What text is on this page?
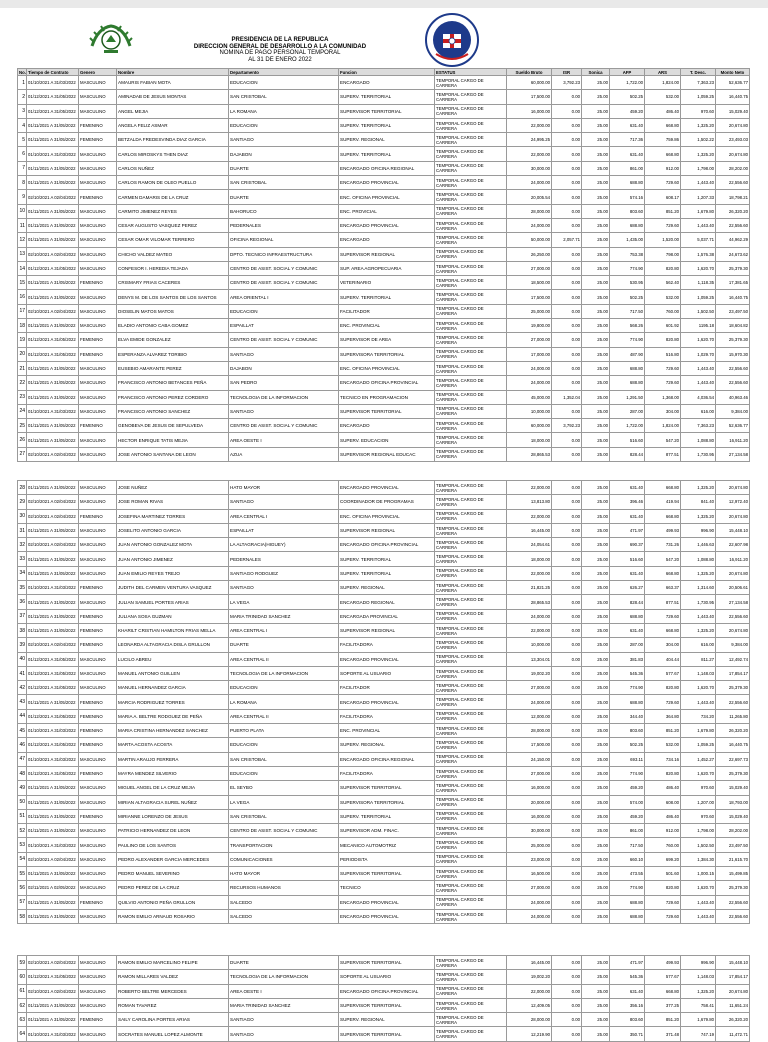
PRESIDENCIA DE LA REPUBLICA
DIRECCION GENERAL DE DESARROLLO A LA COMUNIDAD
NOMINA DE PAGO PERSONAL TEMPORAL
AL 31 DE ENERO 2022
No.	Tiempo de Contrato	Genero	Nombre	Departamento	Funcion	ESTATUS	Sueldo Bruto	ISR	Sonica	AFP	ARS	T. Desc.	Monto Neto
1	01/10/2021 A 31/03/2022	MASCULINO	AMAURIS FABIAN MOTA	EDUCACION	ENCARGADO	TEMPORAL CARGO DE CARRERA	60,000.00	3,792.23	25.00	1,722.00	1,824.00	7,363.23	52,636.77
2	01/12/2021 A 31/05/2022	MASCULINO	AMINADAB DE JESUS MONTAS	SAN CRISTOBAL	SUPERV. TERRITORIAL	TEMPORAL CARGO DE CARRERA	17,500.00	0.00	25.00	502.25	532.00	1,059.25	16,440.75
3	01/12/2021 A 31/05/2022	MASCULINO	ANGEL MEJIA	LA ROMANA	SUPERVISOR TERRITORIAL	TEMPORAL CARGO DE CARRERA	16,000.00	0.00	25.00	459.20	486.40	970.60	15,029.40
4	01/11/2021 A 31/05/2022	FEMENINO	ANGELA FELIZ ASMAR	EDUCACION	SUPERV. TERRITORIAL	TEMPORAL CARGO DE CARRERA	22,000.00	0.00	25.00	631.40	668.80	1,325.20	20,674.80
5	01/11/2021 A 31/05/2022	FEMENINO	BETZALDA FREDESVINDA DIAZ GARCIA	SANTIAGO	SUPERV. REGIONAL	TEMPORAL CARGO DE CARRERA	24,995.25	0.00	25.00	717.36	759.86	1,502.22	23,493.03
6	01/10/2021 A 31/03/2022	MASCULINO	CARLOS MIROSKYS THEN DIAZ	DAJABON	SUPERV. TERRITORIAL	TEMPORAL CARGO DE CARRERA	22,000.00	0.00	25.00	631.40	668.80	1,325.20	20,674.80
7	01/11/2021 A 31/05/2022	MASCULINO	CARLOS NUÑEZ	DUARTE	ENCARGADO OFICINA REGIONAL	TEMPORAL CARGO DE CARRERA	30,000.00	0.00	25.00	861.00	912.00	1,798.00	28,202.00
8	01/11/2021 A 31/05/2022	MASCULINO	CARLOS RAMON DE OLEO PUELLO	SAN CRISTOBAL	ENCARGADO PROVINCIAL	TEMPORAL CARGO DE CARRERA	24,000.00	0.00	25.00	688.80	729.60	1,443.40	22,556.60
9	02/10/2021 A 02/04/2022	FEMENINO	CARMEN DAMARIS DE LA CRUZ	DUARTE	ENC. OFICINA PROVINCIAL	TEMPORAL CARGO DE CARRERA	20,005.54	0.00	25.00	574.16	608.17	1,207.33	18,798.21
10	01/11/2021 A 31/05/2022	MASCULINO	CARMITO JIMENEZ REYES	BAHORUCO	ENC. PROVICIAL	TEMPORAL CARGO DE CARRERA	28,000.00	0.00	25.00	803.60	851.20	1,679.80	26,320.20
11	01/11/2021 A 31/05/2022	MASCULINO	CESAR AUGUSTO VASQUEZ PEREZ	PEDERNALES	ENCARGADO PROVINCIAL	TEMPORAL CARGO DE CARRERA	24,000.00	0.00	25.00	688.80	729.60	1,443.40	22,556.60
12	01/11/2021 A 31/05/2022	MASCULINO	CESAR OMAR VILOMAR TERRERO	OFICINA REGIONAL	ENCARGADO	TEMPORAL CARGO DE CARRERA	50,000.00	2,057.71	25.00	1,435.00	1,520.00	5,037.71	44,962.29
13	02/10/2021 A 02/04/2022	MASCULINO	CHICHO VALDEZ MATEO	DPTO. TECNICO INFRAESTRUCTURA	SUPERVISOR REGIONAL	TEMPORAL CARGO DE CARRERA	26,250.00	0.00	25.00	753.38	798.00	1,576.38	24,673.62
14	01/12/2021 A 31/05/2022	MASCULINO	CONFESOR I. HEREDIA TEJADA	CENTRO DE ASIST. SOCIAL Y COMUNIC	SUP. AREA AGROPECUARIA	TEMPORAL CARGO DE CARRERA	27,000.00	0.00	25.00	774.90	820.80	1,620.70	25,379.30
15	01/11/2021 A 31/05/2022	FEMENINO	CRISMARY FRIAS CACERES	CENTRO DE ASIST. SOCIAL Y COMUNIC	VETERINARIO	TEMPORAL CARGO DE CARRERA	18,500.00	0.00	25.00	530.95	562.40	1,118.35	17,381.65
16	01/11/2021 A 31/05/2022	MASCULINO	DENYS M. DE LOS SANTOS DE LOS SANTOS	AREA ORIENTAL I	SUPERV. TERRITORIAL	TEMPORAL CARGO DE CARRERA	17,500.00	0.00	25.00	502.25	532.00	1,059.25	16,440.75
17	02/10/2021 A 02/04/2022	MASCULINO	DIOSELIN MATOS MATOS	EDUCACION	FACILITADOR	TEMPORAL CARGO DE CARRERA	25,000.00	0.00	25.00	717.50	760.00	1,502.50	23,497.50
18	01/11/2021 A 31/05/2022	MASCULINO	ELADIO ANTONIO CABA GOMEZ	ESPAILLAT	ENC. PROVINCIAL	TEMPORAL CARGO DE CARRERA	19,800.00	0.00	25.00	568.26	601.92	1195.18	18,604.82
19	01/12/2021 A 31/05/2022	FEMENINO	ELVA EMIDE GONZALEZ	CENTRO DE ASIST. SOCIAL Y COMUNIC	SUPERVISOR DE AREA	TEMPORAL CARGO DE CARRERA	27,000.00	0.00	25.00	774.90	820.80	1,620.70	25,379.30
20	01/12/2021 A 31/05/2022	FEMENINO	ESPERANZA ALVAREZ TORIBIO	SANTIAGO	SUPERVISORA TERRITORIAL	TEMPORAL CARGO DE CARRERA	17,000.00	0.00	25.00	487.90	516.80	1,029.70	15,970.30
21	01/11/2021 A 31/05/2022	MASCULINO	EUSEBIO AMARANTE PEREZ	DAJABON	ENC. OFICINA PROVINCIAL	TEMPORAL CARGO DE CARRERA	24,000.00	0.00	25.00	688.80	729.60	1,443.40	22,556.60
22	01/11/2021 A 31/05/2022	MASCULINO	FRANCISCO ANTONIO BETANCES PEÑA	SAN PEDRO	ENCARGADO OFICINA PROVINCIAL	TEMPORAL CARGO DE CARRERA	24,000.00	0.00	25.00	688.80	729.60	1,443.40	22,556.60
23	01/11/2021 A 31/05/2022	MASCULINO	FRANCISCO ANTONIO PEREZ CORDERO	TECNOLOGIA DE LA INFORMACION	TECNICO EN PROGRAMACION	TEMPORAL CARGO DE CARRERA	45,000.00	1,352.04	25.00	1,291.50	1,368.00	4,036.54	40,963.46
24	01/10/2021 A 31/03/2022	MASCULINO	FRANCISCO ANTONIO SANCHEZ	SANTIAGO	SUPERVISOR TERRITORIAL	TEMPORAL CARGO DE CARRERA	10,000.00	0.00	25.00	287.00	304.00	616.00	9,384.00
25	01/11/2021 A 31/05/2022	FEMENINO	GENOBEVA DE JESUS DE SEPULVEDA	CENTRO DE ASIST. SOCIAL Y COMUNIC	ENCARGADO	TEMPORAL CARGO DE CARRERA	60,000.00	3,792.23	25.00	1,722.00	1,824.00	7,363.23	52,636.77
26	01/11/2021 A 31/05/2022	MASCULINO	HECTOR ENRIQUE TATIS MEJIA	AREA OESTE I	SUPERV. EDUCACION	TEMPORAL CARGO DE CARRERA	18,000.00	0.00	25.00	516.60	547.20	1,088.80	16,911.20
27	02/10/2021 A 02/04/2022	MASCULINO	JOSE ANTONIO SANTANA DE LEON	AZUA	SUPERVISOR REGIONAL EDUCAC	TEMPORAL CARGO DE CARRERA	28,865.53	0.00	25.00	828.44	877.51	1,730.95	27,134.58
28	01/11/2021 A 31/05/2022	MASCULINO	JOSE NUÑEZ	HATO MAYOR	ENCARGADO PROVINCIAL	TEMPORAL CARGO DE CARRERA	22,000.00	0.00	25.00	631.40	668.80	1,325.20	20,674.80
29	02/10/2021 A 02/04/2022	MASCULINO	JOSE ROMAN RIVAS	SANTIAGO	COORDINADOR DE PROGRAMAS	TEMPORAL CARGO DE CARRERA	13,813.80	0.00	25.00	396.46	419.94	841.40	12,972.40
30	02/10/2021 A 02/04/2022	FEMENINO	JOSEFINA MARTINEZ TORRES	AREA CENTRAL I	ENC. OFICINA PROVINCIAL	TEMPORAL CARGO DE CARRERA	22,000.00	0.00	25.00	631.40	668.80	1,325.20	20,674.80
31	01/11/2021 A 31/05/2022	MASCULINO	JOSELITO ANTONIO GARCIA	ESPAILLAT	SUPERVISOR REGIONAL	TEMPORAL CARGO DE CARRERA	16,445.00	0.00	25.00	471.97	499.93	996.90	15,448.10
32	02/10/2021 A 02/04/2022	MASCULINO	JUAN ANTONIO GONZALEZ MOTA	LA ALTAGRACIA(HIGUEY)	ENCARGADO OFICINA PROVINCIAL	TEMPORAL CARGO DE CARRERA	24,054.61	0.00	25.00	690.37	731.26	1,446.63	22,607.98
33	01/11/2021 A 31/05/2022	MASCULINO	JUAN ANTONIO JIMENEZ	PEDERNALES	SUPERV. TERRITORIAL	TEMPORAL CARGO DE CARRERA	18,000.00	0.00	25.00	516.60	547.20	1,088.80	16,911.20
34	01/11/2021 A 31/05/2022	MASCULINO	JUAN EMILIO REYES TREJO	SANTIAGO RODGUEZ	SUPERV. TERRITORIAL	TEMPORAL CARGO DE CARRERA	22,000.00	0.00	25.00	631.40	668.80	1,325.20	20,674.80
35	01/10/2021 A 31/03/2022	FEMENINO	JUDITH DEL CARMEN VENTURA VASQUEZ	SANTIAGO	SUPERV. REGIONAL	TEMPORAL CARGO DE CARRERA	21,821.25	0.00	25.00	626.27	663.37	1,314.60	20,506.61
36	01/11/2021 A 31/05/2022	MASCULINO	JULIAN SAMUEL PORTES ARIAS	LA VEGA	ENCARGADO REGIONAL	TEMPORAL CARGO DE CARRERA	28,865.53	0.00	25.00	828.44	877.51	1,730.95	27,134.58
37	01/11/2021 A 31/05/2022	FEMENINO	JULIANA SOSA GUZMAN	MARIA TRINIDAD SANCHEZ	ENCARGADA PROVINCIAL	TEMPORAL CARGO DE CARRERA	24,000.00	0.00	25.00	688.80	729.60	1,443.40	22,556.60
38	01/11/2021 A 31/05/2022	FEMENINO	KHARILT CRISTIAN HAMILTON FRIAS MELLA	AREA CENTRAL I	SUPERVISOR REGIONAL	TEMPORAL CARGO DE CARRERA	22,000.00	0.00	25.00	631.40	668.80	1,325.20	20,674.80
39	02/10/2021 A 02/04/2022	FEMENINO	LEONARDA ALTAGRACIA DISLA GRULLON	DUARTE	FACILITADORA	TEMPORAL CARGO DE CARRERA	10,000.00	0.00	25.00	287.00	304.00	616.00	9,384.00
40	01/12/2021 A 31/05/2022	MASCULINO	LUCILO ABREU	AREA CENTRAL II	ENCARGADO PROVINCIAL	TEMPORAL CARGO DE CARRERA	13,304.01	0.00	25.00	381.83	404.44	811.27	12,492.74
41	01/12/2021 A 31/05/2022	MASCULINO	MANUEL ANTONIO GUILLEN	TECNOLOGIA DE LA INFORMACION	SOPORTE AL USUARIO	TEMPORAL CARGO DE CARRERA	19,002.20	0.00	25.00	545.36	577.67	1,148.03	17,854.17
42	01/12/2021 A 31/05/2022	MASCULINO	MANUEL HERNANDEZ GARCIA	EDUCACION	FACILITADOR	TEMPORAL CARGO DE CARRERA	27,000.00	0.00	25.00	774.90	820.80	1,620.70	25,379.30
43	01/11/2021 A 31/05/2022	FEMENINO	MARCIA RODRIGUEZ TORRES	LA ROMANA	ENCARGADO PROVINCIAL	TEMPORAL CARGO DE CARRERA	24,000.00	0.00	25.00	688.80	729.60	1,443.40	22,556.60
44	01/12/2021 A 31/05/2022	FEMENINO	MARIA A. BELTRE RODGUEZ DE PEÑA	AREA CENTRAL II	FACILITADORA	TEMPORAL CARGO DE CARRERA	12,000.00	0.00	25.00	344.40	364.80	734.20	11,265.80
45	01/10/2021 A 31/03/2022	FEMENINO	MARIA CRISTINA HERNANDEZ SANCHEZ	PUERTO PLATA	ENC. PROVINCIAL	TEMPORAL CARGO DE CARRERA	28,000.00	0.00	25.00	803.60	851.20	1,679.80	26,320.20
46	01/12/2021 A 31/05/2022	FEMENINO	MARTA ACOSTA ACOSTA	EDUCACION	SUPERV. REGIONAL	TEMPORAL CARGO DE CARRERA	17,500.00	0.00	25.00	502.25	532.00	1,059.25	16,440.75
47	01/10/2021 A 31/03/2022	MASCULINO	MARTIN ARAUJO FERRERA	SAN CRISTOBAL	ENCARGADO OFICINA REGIONAL	TEMPORAL CARGO DE CARRERA	24,150.00	0.00	25.00	693.11	734.16	1,452.27	22,697.73
48	01/12/2021 A 31/05/2022	FEMENINO	MAYRA MENDEZ SILVERIO	EDUCACION	FACILITADORA	TEMPORAL CARGO DE CARRERA	27,000.00	0.00	25.00	774.90	820.80	1,620.70	25,379.30
49	01/11/2021 A 31/05/2022	MASCULINO	MIGUEL ANGEL DE LA CRUZ MEJIA	EL SEYBO	SUPERVISOR TERRITORIAL	TEMPORAL CARGO DE CARRERA	16,000.00	0.00	25.00	459.20	486.40	970.60	15,029.40
50	01/11/2021 A 31/05/2022	MASCULINO	MIRIAN ALTAGRACIA SUREL NUÑEZ	LA VEGA	SUPERVISORA TERRITORIAL	TEMPORAL CARGO DE CARRERA	20,000.00	0.00	25.00	574.00	608.00	1,207.00	18,793.00
51	01/11/2021 A 31/05/2022	FEMENINO	MIRIANNE LORENZO DE JESUS	SAN CRISTOBAL	SUPERV. TERRITORIAL	TEMPORAL CARGO DE CARRERA	16,000.00	0.00	25.00	459.20	486.40	970.60	15,029.40
52	01/11/2021 A 31/05/2022	MASCULINO	PATRICIO HERNANDEZ DE LEON	CENTRO DE ASIST. SOCIAL Y COMUNIC	SUPERVISOR ADM. FINAC.	TEMPORAL CARGO DE CARRERA	30,000.00	0.00	25.00	861.00	912.00	1,798.00	28,202.00
53	01/10/2021 A 31/03/2022	MASCULINO	PAULINO DE LOS SANTOS	TRANSPORTACION	MECANICO AUTOMOTRIZ	TEMPORAL CARGO DE CARRERA	25,000.00	0.00	25.00	717.50	760.00	1,502.50	23,497.50
54	02/10/2021 A 02/04/2022	MASCULINO	PEDRO ALEXANDER GARCIA MERCEDES	COMUNICACIONES	PERIODISTA	TEMPORAL CARGO DE CARRERA	23,000.00	0.00	25.00	660.10	699.20	1,384.30	21,615.70
55	01/11/2021 A 31/05/2022	MASCULINO	PEDRO MANUEL SEVERINO	HATO MAYOR	SUPERVISOR TERRITORIAL	TEMPORAL CARGO DE CARRERA	16,500.00	0.00	25.00	473.55	501.60	1,000.15	15,499.85
56	02/11/2021 A 02/05/2022	MASCULINO	PEDRO PEREZ DE LA CRUZ	RECURSOS HUMANOS	TECNICO	TEMPORAL CARGO DE CARRERA	27,000.00	0.00	25.00	774.90	820.80	1,620.70	25,379.30
57	01/11/2021 A 31/05/2022	FEMENINO	QUILVIO ANTONIO PEÑA GRULLON	SALCEDO	ENCARGADO PROVINCIAL	TEMPORAL CARGO DE CARRERA	24,000.00	0.00	25.00	688.80	729.60	1,443.40	22,556.60
58	01/11/2021 A 31/05/2022	MASCULINO	RAMON EMILIO ARNAUD ROSARIO	SALCEDO	ENCARGADO PROVINCIAL	TEMPORAL CARGO DE CARRERA	24,000.00	0.00	25.00	688.80	729.60	1,443.40	22,556.60
59	02/10/2021 A 02/04/2022	MASCULINO	RAMON EMILIO MARCELINO FELIPE	DUARTE	SUPERVISOR TERRITORIAL	TEMPORAL CARGO DE CARRERA	16,445.00	0.00	25.00	471.97	499.93	996.90	15,448.10
60	01/12/2021 A 31/05/2022	MASCULINO	RAMON MILLARES VALDEZ	TECNOLOGIA DE LA INFORMACION	SOPORTE AL USUARIO	TEMPORAL CARGO DE CARRERA	19,002.20	0.00	25.00	545.36	577.67	1,148.03	17,854.17
61	02/10/2021 A 02/04/2022	MASCULINO	ROBERTO BELTRE MERCEDES	AREA OESTE I	ENCARGADO OFICINA PROVINCIAL	TEMPORAL CARGO DE CARRERA	22,000.00	0.00	25.00	631.40	668.80	1,325.20	20,674.80
62	01/11/2021 A 31/05/2022	MASCULINO	ROMAN TAVAREZ	MARIA TRINIDAD SANCHEZ	SUPERVISOR TERRITORIAL	TEMPORAL CARGO DE CARRERA	12,409.05	0.00	25.00	356.16	377.25	758.41	11,651.24
63	01/11/2021 A 31/05/2022	FEMENINO	SAILY CAROLINA PORTES ARIAS	SANTIAGO	SUPERV. REGIONAL	TEMPORAL CARGO DE CARRERA	28,000.00	0.00	25.00	803.60	851.20	1,679.80	26,320.20
64	01/10/2021 A 31/03/2022	MASCULINO	SOCRATES MANUEL LOPEZ ALMONTE	SANTIAGO	SUPERVISOR TERRITORIAL	TEMPORAL CARGO DE CARRERA	12,219.90	0.00	25.00	350.71	371.48	747.19	11,472.71
